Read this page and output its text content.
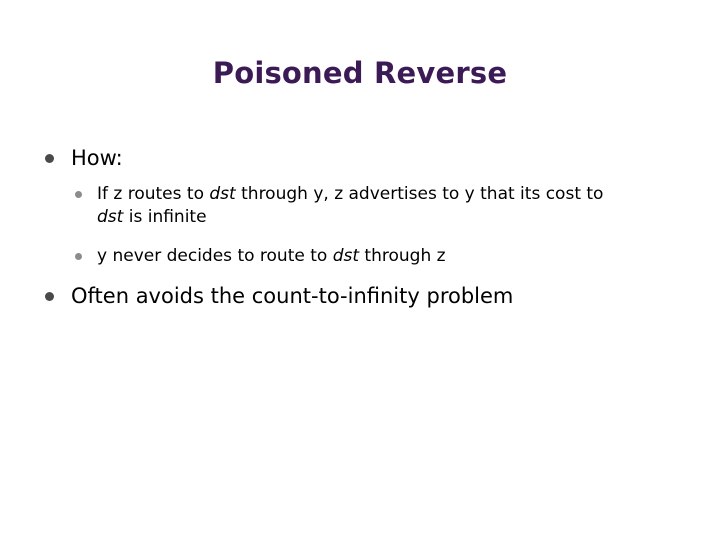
Poisoned Reverse
How:
If z routes to dst through y, z advertises to y that its cost to
dst is infinite
y never decides to route to dst through z
Often avoids the count-to-infinity problem
